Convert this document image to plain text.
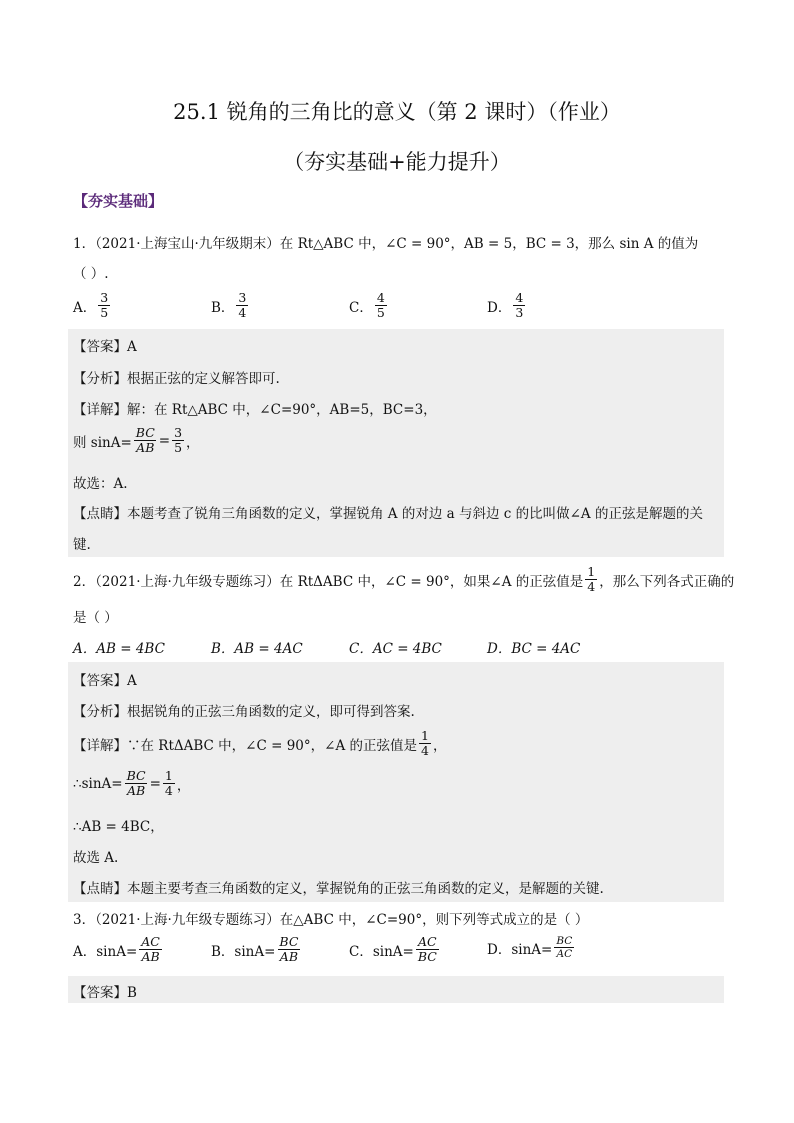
25.1 锐角的三角比的意义（第 2 课时）（作业）
（夯实基础+能力提升）
【夯实基础】
1．（2021·上海宝山·九年级期末）在 Rt△ABC 中，∠C = 90°，AB = 5，BC = 3，那么 sin A 的值为
（ ）.
A． $\frac{3}{5}$	B． $\frac{3}{4}$	C． $\frac{4}{5}$	D． $\frac{4}{3}$
【答案】A
【分析】根据正弦的定义解答即可.
【详解】解：在 Rt△ABC 中，∠C=90°，AB=5，BC=3，
则 $\sin A= \frac{BC}{AB} = \frac{3}{5}$ ，
故选：A.
【点睛】本题考查了锐角三角函数的定义，掌握锐角 A 的对边 a 与斜边 c 的比叫做∠A 的正弦是解题的关
键.
2．（2021·上海·九年级专题练习）在 RtΔABC 中，∠C = 90°，如果∠A 的正弦值是 $\frac{1}{4}$ ，那么下列各式正确的
是（ ）
A．AB = 4BC	B．AB = 4AC	C．AC = 4BC	D．BC = 4AC
【答案】A
【分析】根据锐角的正弦三角函数的定义，即可得到答案.
【详解】∵在 RtΔABC 中，∠C = 90°，∠A 的正弦值是 $\frac{1}{4}$ ，
∴sinA= $\frac{BC}{AB} = \frac{1}{4}$ ，
∴AB = 4BC，
故选 A.
【点睛】本题主要考查三角函数的定义，掌握锐角的正弦三角函数的定义，是解题的关键.
3．（2021·上海·九年级专题练习）在△ABC 中，∠C=90°，则下列等式成立的是（ ）
A．$\sin A= \frac{AC}{AB}$	B．$\sin A= \frac{BC}{AB}$	C．$\sin A= \frac{AC}{BC}$	D．$\sin A= \frac{BC}{AC}$
【答案】B
